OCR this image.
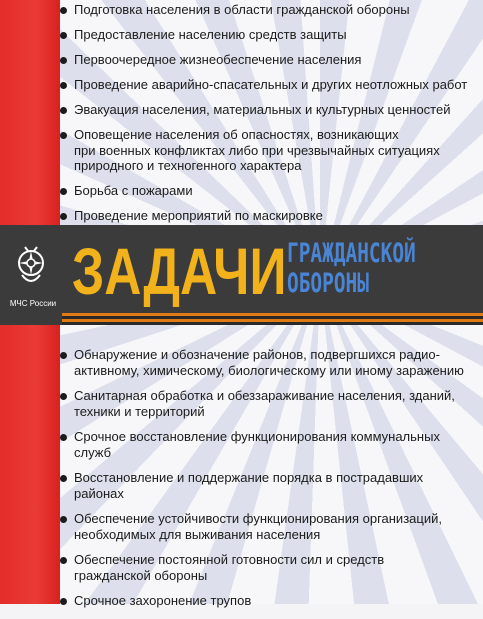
Подготовка населения в области гражданской обороны
Предоставление населению средств защиты
Первоочередное жизнеобеспечение населения
Проведение аварийно-спасательных и других неотложных работ
Эвакуация населения, материальных и культурных ценностей
Оповещение населения об опасностях, возникающих
при военных конфликтах либо при чрезвычайных ситуациях
природного и техногенного характера
Борьба с пожарами
Проведение мероприятий по маскировке
МЧС России ЗАДАЧИ ГРАЖДАНСКОЙ
ОБОРОНЫ
Обнаружение и обозначение районов, подвергшихся радио-
активному, химическому, биологическому или иному заражению
Санитарная обработка и обеззараживание населения, зданий,
техники и территорий
Срочное восстановление функционирования коммунальных
служб
Восстановление и поддержание порядка в пострадавших
районах
Обеспечение устойчивости функционирования организаций,
необходимых для выживания населения
Обеспечение постоянной готовности сил и средств
гражданской обороны
Срочное захоронение трупов
